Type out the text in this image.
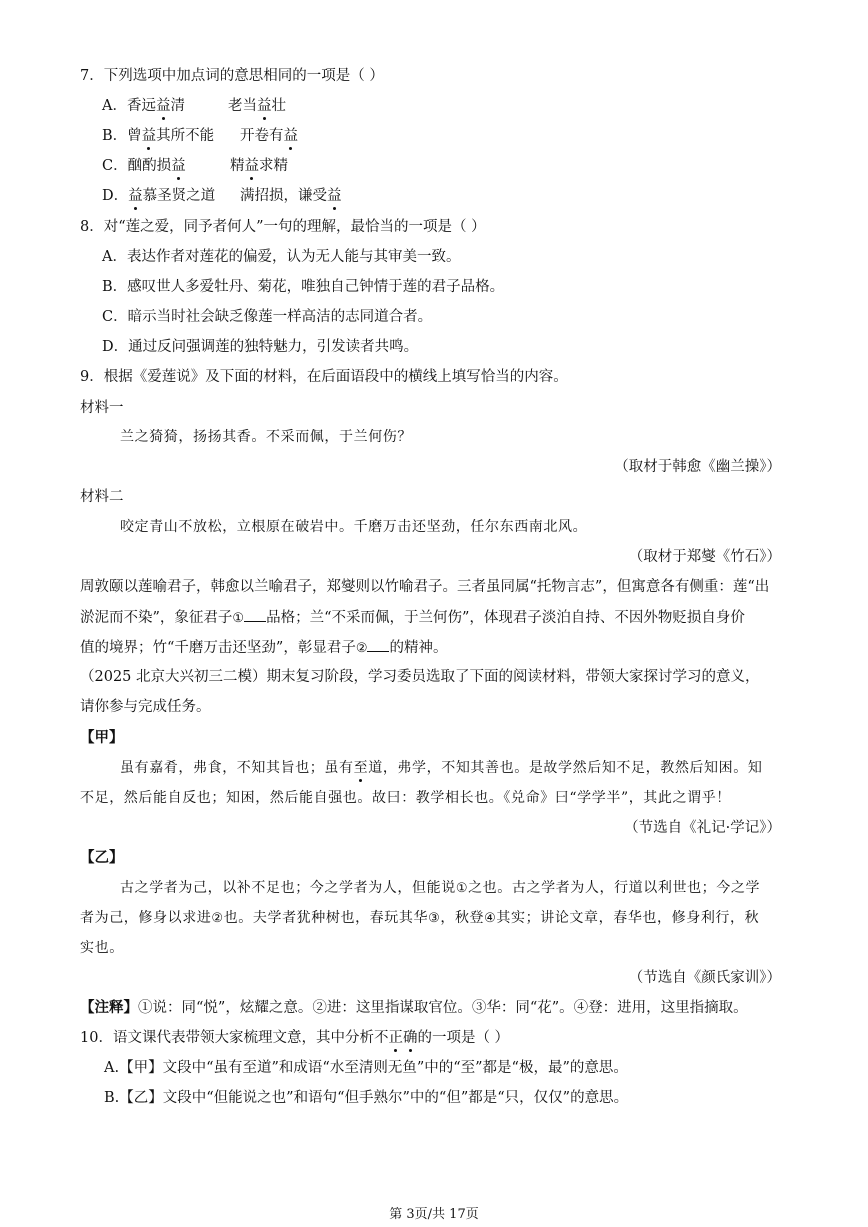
7．下列选项中加点词的意思相同的一项是（ ）
A．香远益清	老当益壮
B．曾益其所不能 开卷有益
C．酗酌损益	精益求精
D．益慕圣贤之道 满招损，谦受益
8．对“莲之爱，同予者何人”一句的理解，最恰当的一项是（ ）
A．表达作者对莲花的偏爱，认为无人能与其审美一致。
B．感叹世人多爱牡丹、菊花，唯独自己钟情于莲的君子品格。
C．暗示当时社会缺乏像莲一样高洁的志同道合者。
D．通过反问强调莲的独特魅力，引发读者共鸣。
9．根据《爱莲说》及下面的材料，在后面语段中的横线上填写恰当的内容。
材料一
兰之猗猗，扬扬其香。不采而佩，于兰何伤？
（取材于韩愈《幽兰操》）
材料二
咬定青山不放松，立根原在破岩中。千磨万击还坚劲，任尔东西南北风。
（取材于郑燮《竹石》）
周敦颐以莲喻君子，韩愈以兰喻君子，郑燮则以竹喻君子。三者虽同属“托物言志”，但寓意各有侧重：莲“出
淤泥而不染”，象征君子① 品格；兰“不采而佩，于兰何伤”，体现君子淡泊自持、不因外物贬损自身价
值的境界；竹“千磨万击还坚劲”，彰显君子② 的精神。
（2025 北京大兴初三二模）期末复习阶段，学习委员选取了下面的阅读材料，带领大家探讨学习的意义，
请你参与完成任务。
【甲】
虽有嘉肴，弗食，不知其旨也；虽有至道，弗学，不知其善也。是故学然后知不足，教然后知困。知
不足，然后能自反也；知困，然后能自强也。故曰：教学相长也。《兑命》曰“学学半”，其此之谓乎！
（节选自《礼记·学记》）
【乙】
古之学者为己，以补不足也；今之学者为人，但能说①之也。古之学者为人，行道以利世也；今之学
者为己，修身以求进②也。夫学者犹种树也，春玩其华③，秋登④其实；讲论文章，春华也，修身利行，秋
实也。
（节选自《颜氏家训》）
【注释】①说：同“悦”，炫耀之意。②进：这里指谋取官位。③华：同“花”。④登：进用，这里指摘取。
10．语文课代表带领大家梳理文意，其中分析不正确的一项是（ ）
A.【甲】文段中“虽有至道”和成语“水至清则无鱼”中的“至”都是“极，最”的意思。
B.【乙】文段中“但能说之也”和语句“但手熟尔”中的“但”都是“只，仅仅”的意思。
第 3页/共 17页
